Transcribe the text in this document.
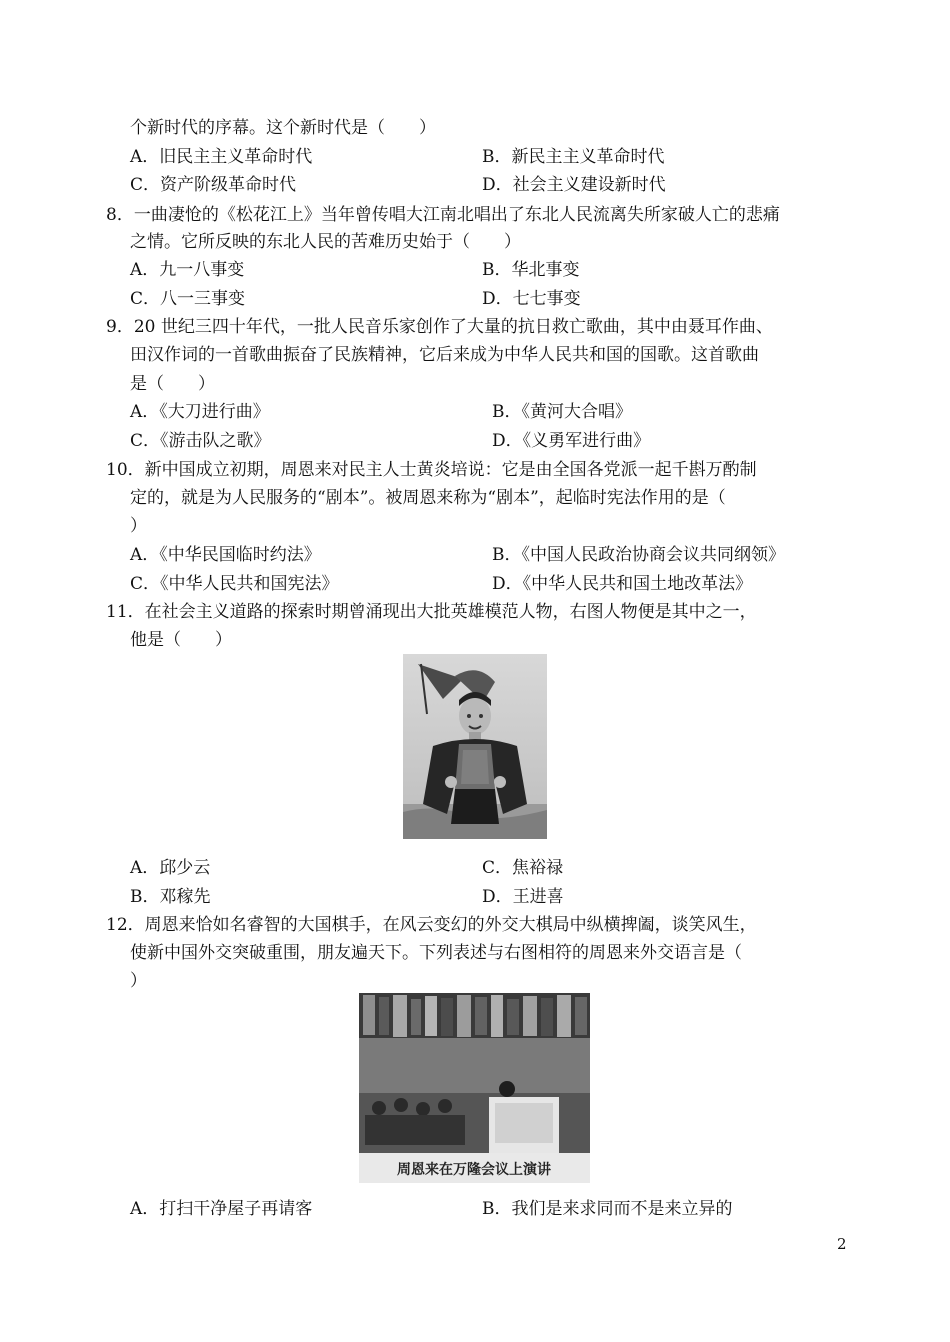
个新时代的序幕。这个新时代是（　　）
A．旧民主主义革命时代	B．新民主主义革命时代
C．资产阶级革命时代	D．社会主义建设新时代
8．一曲凄怆的《松花江上》当年曾传唱大江南北唱出了东北人民流离失所家破人亡的悲痛
之情。它所反映的东北人民的苦难历史始于（　　）
A．九一八事变	B．华北事变
C．八一三事变	D．七七事变
9．20 世纪三四十年代，一批人民音乐家创作了大量的抗日救亡歌曲，其中由聂耳作曲、
田汉作词的一首歌曲振奋了民族精神，它后来成为中华人民共和国的国歌。这首歌曲
是（　　）
A．《大刀进行曲》	B．《黄河大合唱》
C．《游击队之歌》	D．《义勇军进行曲》
10．新中国成立初期，周恩来对民主人士黄炎培说：它是由全国各党派一起千斟万酌制
定的，就是为人民服务的“剧本”。被周恩来称为“剧本”，起临时宪法作用的是（
）
A．《中华民国临时约法》	B．《中国人民政治协商会议共同纲领》
C．《中华人民共和国宪法》	D．《中华人民共和国土地改革法》
11．在社会主义道路的探索时期曾涌现出大批英雄模范人物，右图人物便是其中之一，
他是（　　）
A．邱少云	C．焦裕禄
B．邓稼先	D．王进喜
12．周恩来恰如名睿智的大国棋手，在风云变幻的外交大棋局中纵横捭阖，谈笑风生，
使新中国外交突破重围，朋友遍天下。下列表述与右图相符的周恩来外交语言是（
）
周恩来在万隆会议上演讲
A．打扫干净屋子再请客	B．我们是来求同而不是来立异的
2
